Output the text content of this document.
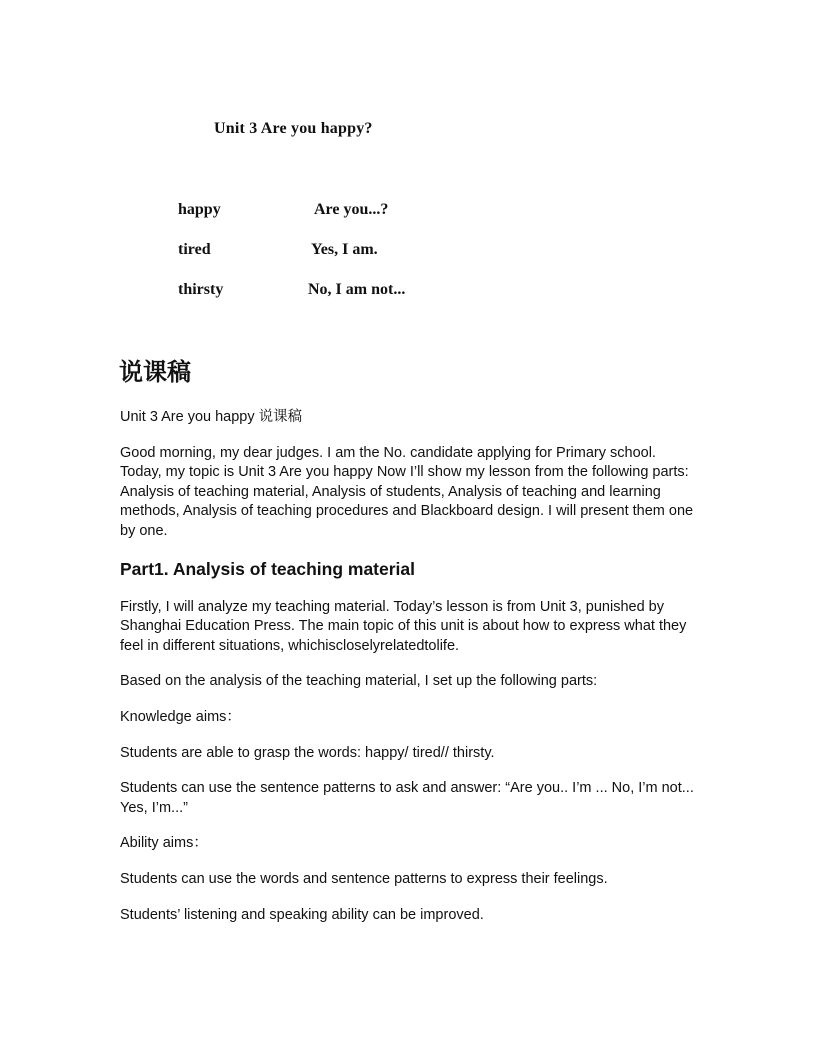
Unit 3 Are you happy?
happy	Are you...?
tired	Yes, I am.
thirsty	No, I am not...
说课稿

Unit 3 Are you happy 说课稿

Good morning, my dear judges. I am the No. candidate applying for Primary school. Today, my topic is Unit 3 Are you happy Now I’ll show my lesson from the following parts: Analysis of teaching material, Analysis of students, Analysis of teaching and learning methods, Analysis of teaching procedures and Blackboard design. I will present them one by one.

Part1. Analysis of teaching material

Firstly, I will analyze my teaching material. Today’s lesson is from Unit 3, punished by Shanghai Education Press. The main topic of this unit is about how to express what they feel in different situations, whichiscloselyrelatedtolife.

Based on the analysis of the teaching material, I set up the following parts:

Knowledge aims：

Students are able to grasp the words: happy/ tired// thirsty.

Students can use the sentence patterns to ask and answer: “Are you.. I’m ... No, I’m not... Yes, I’m...”

Ability aims：

Students can use the words and sentence patterns to express their feelings.

Students’ listening and speaking ability can be improved.
